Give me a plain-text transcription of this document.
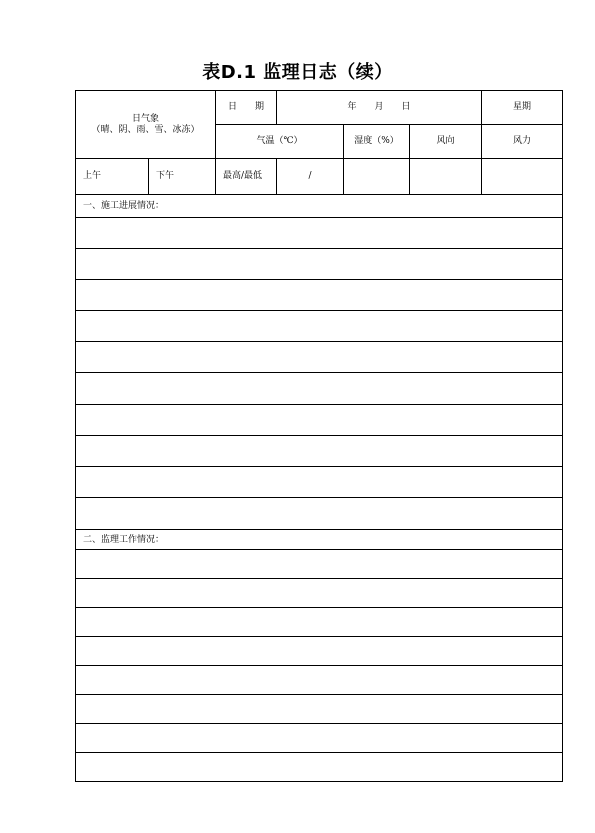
表D.1 监理日志（续）
日气象
（晴、阴、雨、雪、冰冻）
日　　期	年　　月　　日	星期
气温（℃）	湿度（%）	风向	风力
上午	下午	最高/最低	/
一、施工进展情况：
二、监理工作情况：
